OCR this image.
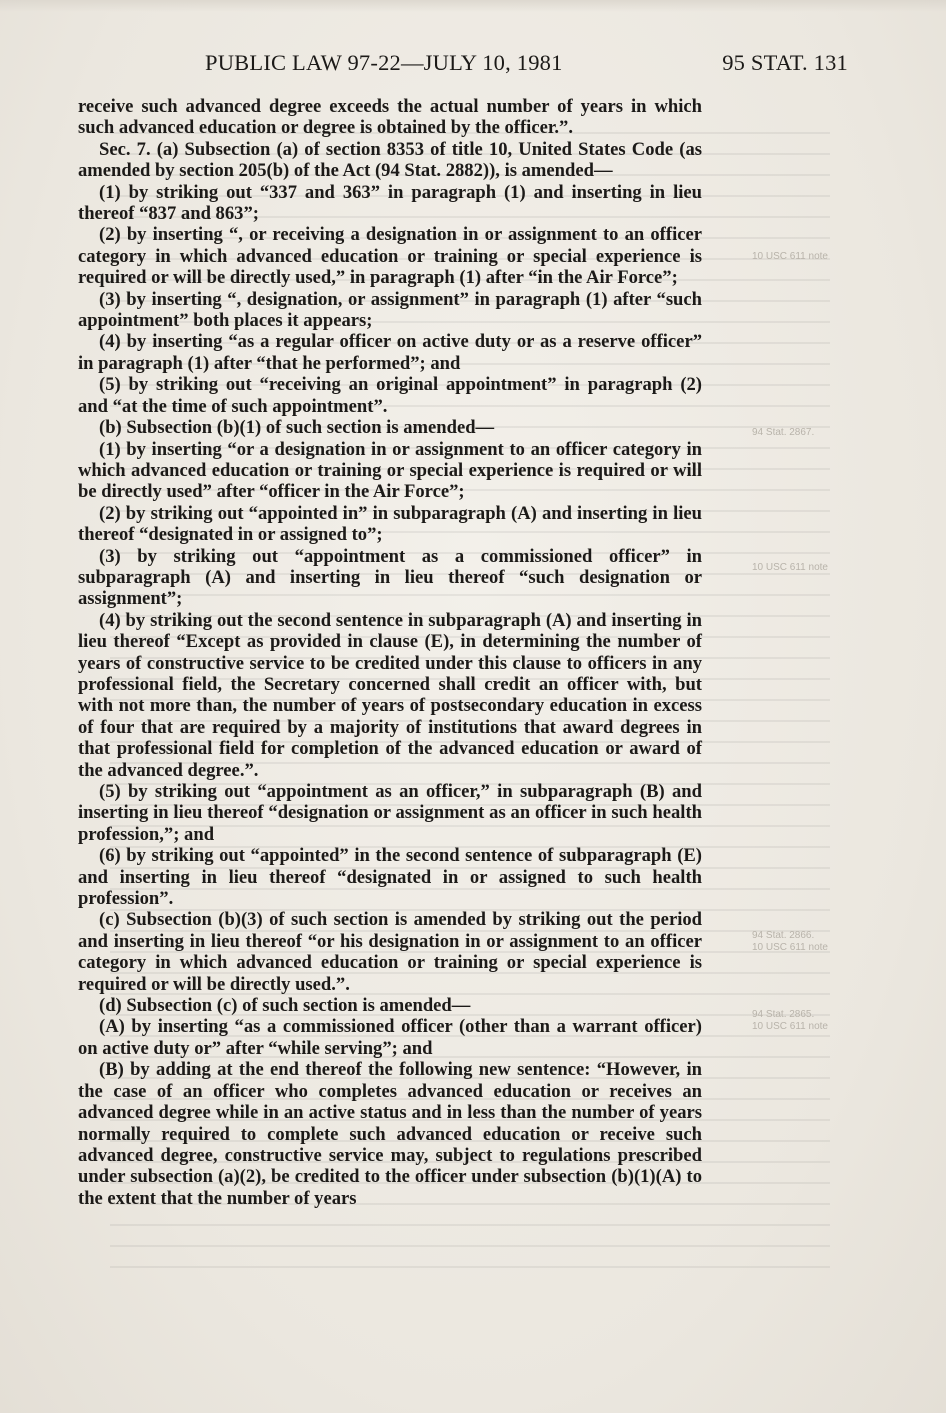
10 USC 611 note
94 Stat. 2867.
10 USC 611 note
94 Stat. 2866.
10 USC 611 note
94 Stat. 2865.
10 USC 611 note
PUBLIC LAW 97-22—JULY 10, 1981	95 STAT. 131

receive such advanced degree exceeds the actual number of years in which such advanced education or degree is obtained by the officer.”.

Sec. 7. (a) Subsection (a) of section 8353 of title 10, United States Code (as amended by section 205(b) of the Act (94 Stat. 2882)), is amended—

(1) by striking out “337 and 363” in paragraph (1) and inserting in lieu thereof “837 and 863”;

(2) by inserting “, or receiving a designation in or assignment to an officer category in which advanced education or training or special experience is required or will be directly used,” in paragraph (1) after “in the Air Force”;

(3) by inserting “, designation, or assignment” in paragraph (1) after “such appointment” both places it appears;

(4) by inserting “as a regular officer on active duty or as a reserve officer” in paragraph (1) after “that he performed”; and

(5) by striking out “receiving an original appointment” in paragraph (2) and “at the time of such appointment”.

(b) Subsection (b)(1) of such section is amended—

(1) by inserting “or a designation in or assignment to an officer category in which advanced education or training or special experience is required or will be directly used” after “officer in the Air Force”;

(2) by striking out “appointed in” in subparagraph (A) and inserting in lieu thereof “designated in or assigned to”;

(3) by striking out “appointment as a commissioned officer” in subparagraph (A) and inserting in lieu thereof “such designation or assignment”;

(4) by striking out the second sentence in subparagraph (A) and inserting in lieu thereof “Except as provided in clause (E), in determining the number of years of constructive service to be credited under this clause to officers in any professional field, the Secretary concerned shall credit an officer with, but with not more than, the number of years of postsecondary education in excess of four that are required by a majority of institutions that award degrees in that professional field for completion of the advanced education or award of the advanced degree.”.

(5) by striking out “appointment as an officer,” in subparagraph (B) and inserting in lieu thereof “designation or assignment as an officer in such health profession,”; and

(6) by striking out “appointed” in the second sentence of subparagraph (E) and inserting in lieu thereof “designated in or assigned to such health profession”.

(c) Subsection (b)(3) of such section is amended by striking out the period and inserting in lieu thereof “or his designation in or assignment to an officer category in which advanced education or training or special experience is required or will be directly used.”.

(d) Subsection (c) of such section is amended—

(A) by inserting “as a commissioned officer (other than a warrant officer) on active duty or” after “while serving”; and

(B) by adding at the end thereof the following new sentence: “However, in the case of an officer who completes advanced education or receives an advanced degree while in an active status and in less than the number of years normally required to complete such advanced education or receive such advanced degree, constructive service may, subject to regulations prescribed under subsection (a)(2), be credited to the officer under subsection (b)(1)(A) to the extent that the number of years
